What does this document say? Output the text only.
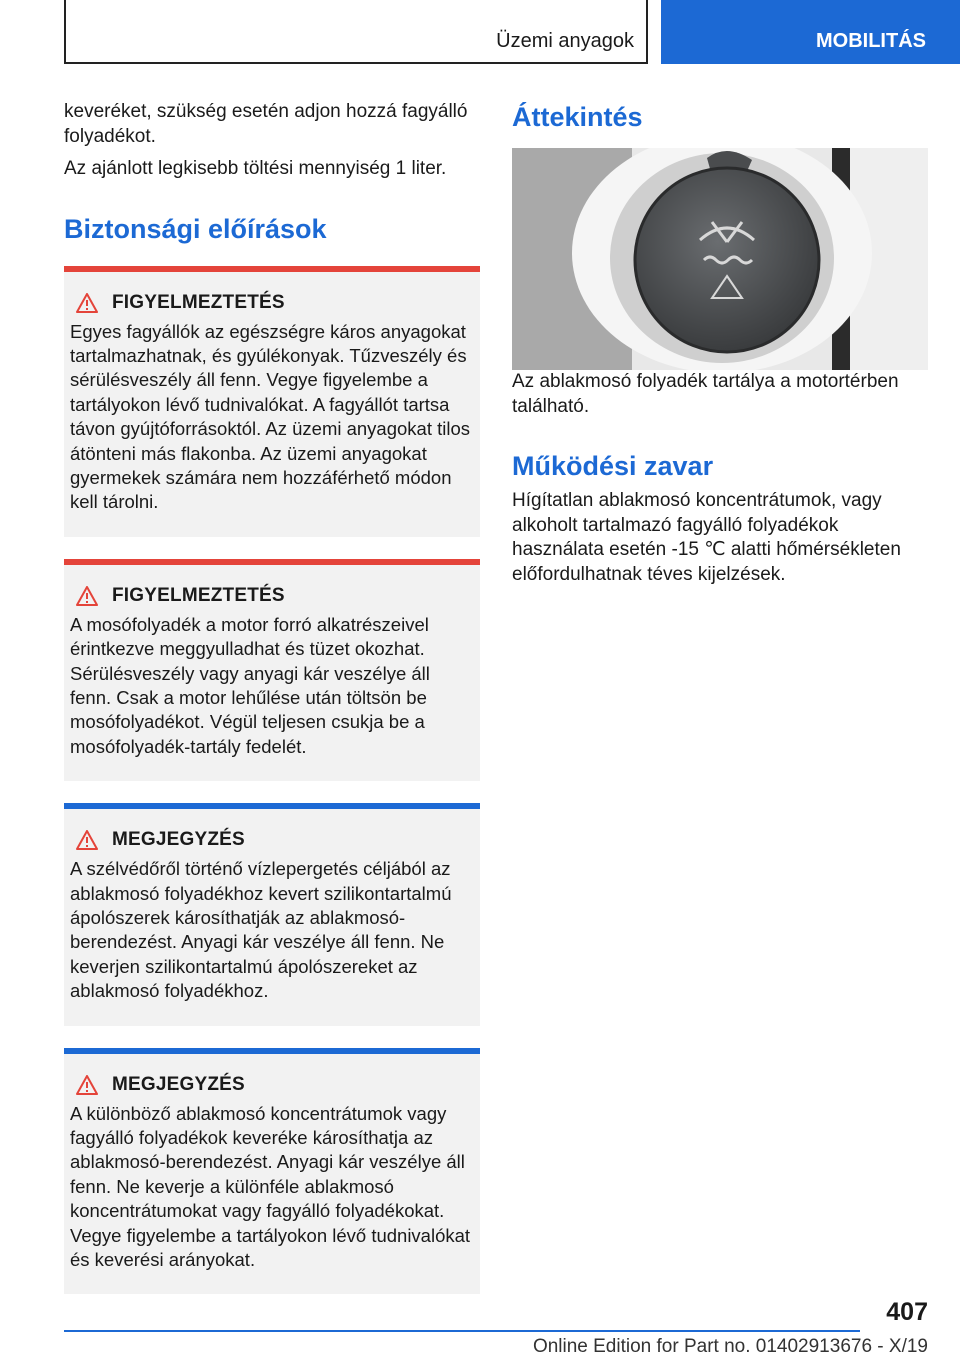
Üzemi anyagok	MOBILITÁS

keveréket, szükség esetén adjon hozzá fagyálló folyadékot.

Az ajánlott legkisebb töltési mennyiség 1 liter.

Biztonsági előírások
FIGYELMEZTETÉS

Egyes fagyállók az egészségre káros anyagokat tartalmazhatnak, és gyúlékonyak. Tűzveszély és sérülésveszély áll fenn. Vegye figyelembe a tartályokon lévő tudnivalókat. A fagyállót tartsa távon gyújtóforrásoktól. Az üzemi anyagokat tilos átönteni más flakonba. Az üzemi anyagokat gyermekek számára nem hozzáférhető módon kell tárolni.

FIGYELMEZTETÉS

A mosófolyadék a motor forró alkatrészeivel érintkezve meggyulladhat és tüzet okozhat. Sérülésveszély vagy anyagi kár veszélye áll fenn. Csak a motor lehűlése után töltsön be mosófolyadékot. Végül teljesen csukja be a mosófolyadék-tartály fedelét.

MEGJEGYZÉS

A szélvédőről történő vízlepergetés céljából az ablakmosó folyadékhoz kevert szilikontartalmú ápolószerek károsíthatják az ablakmosó-berendezést. Anyagi kár veszélye áll fenn. Ne keverjen szilikontartalmú ápolószereket az ablakmosó folyadékhoz.

MEGJEGYZÉS

A különböző ablakmosó koncentrátumok vagy fagyálló folyadékok keveréke károsíthatja az ablakmosó-berendezést. Anyagi kár veszélye áll fenn. Ne keverje a különféle ablakmosó koncentrátumokat vagy fagyálló folyadékokat. Vegye figyelembe a tartályokon lévő tudnivalókat és keverési arányokat.

Áttekintés

Az ablakmosó folyadék tartálya a motortérben található.

Működési zavar

Hígítatlan ablakmosó koncentrátumok, vagy alkoholt tartalmazó fagyálló folyadékok használata esetén -15 ℃ alatti hőmérsékleten előfordulhatnak téves kijelzések.

407
Online Edition for Part no. 01402913676 - X/19
